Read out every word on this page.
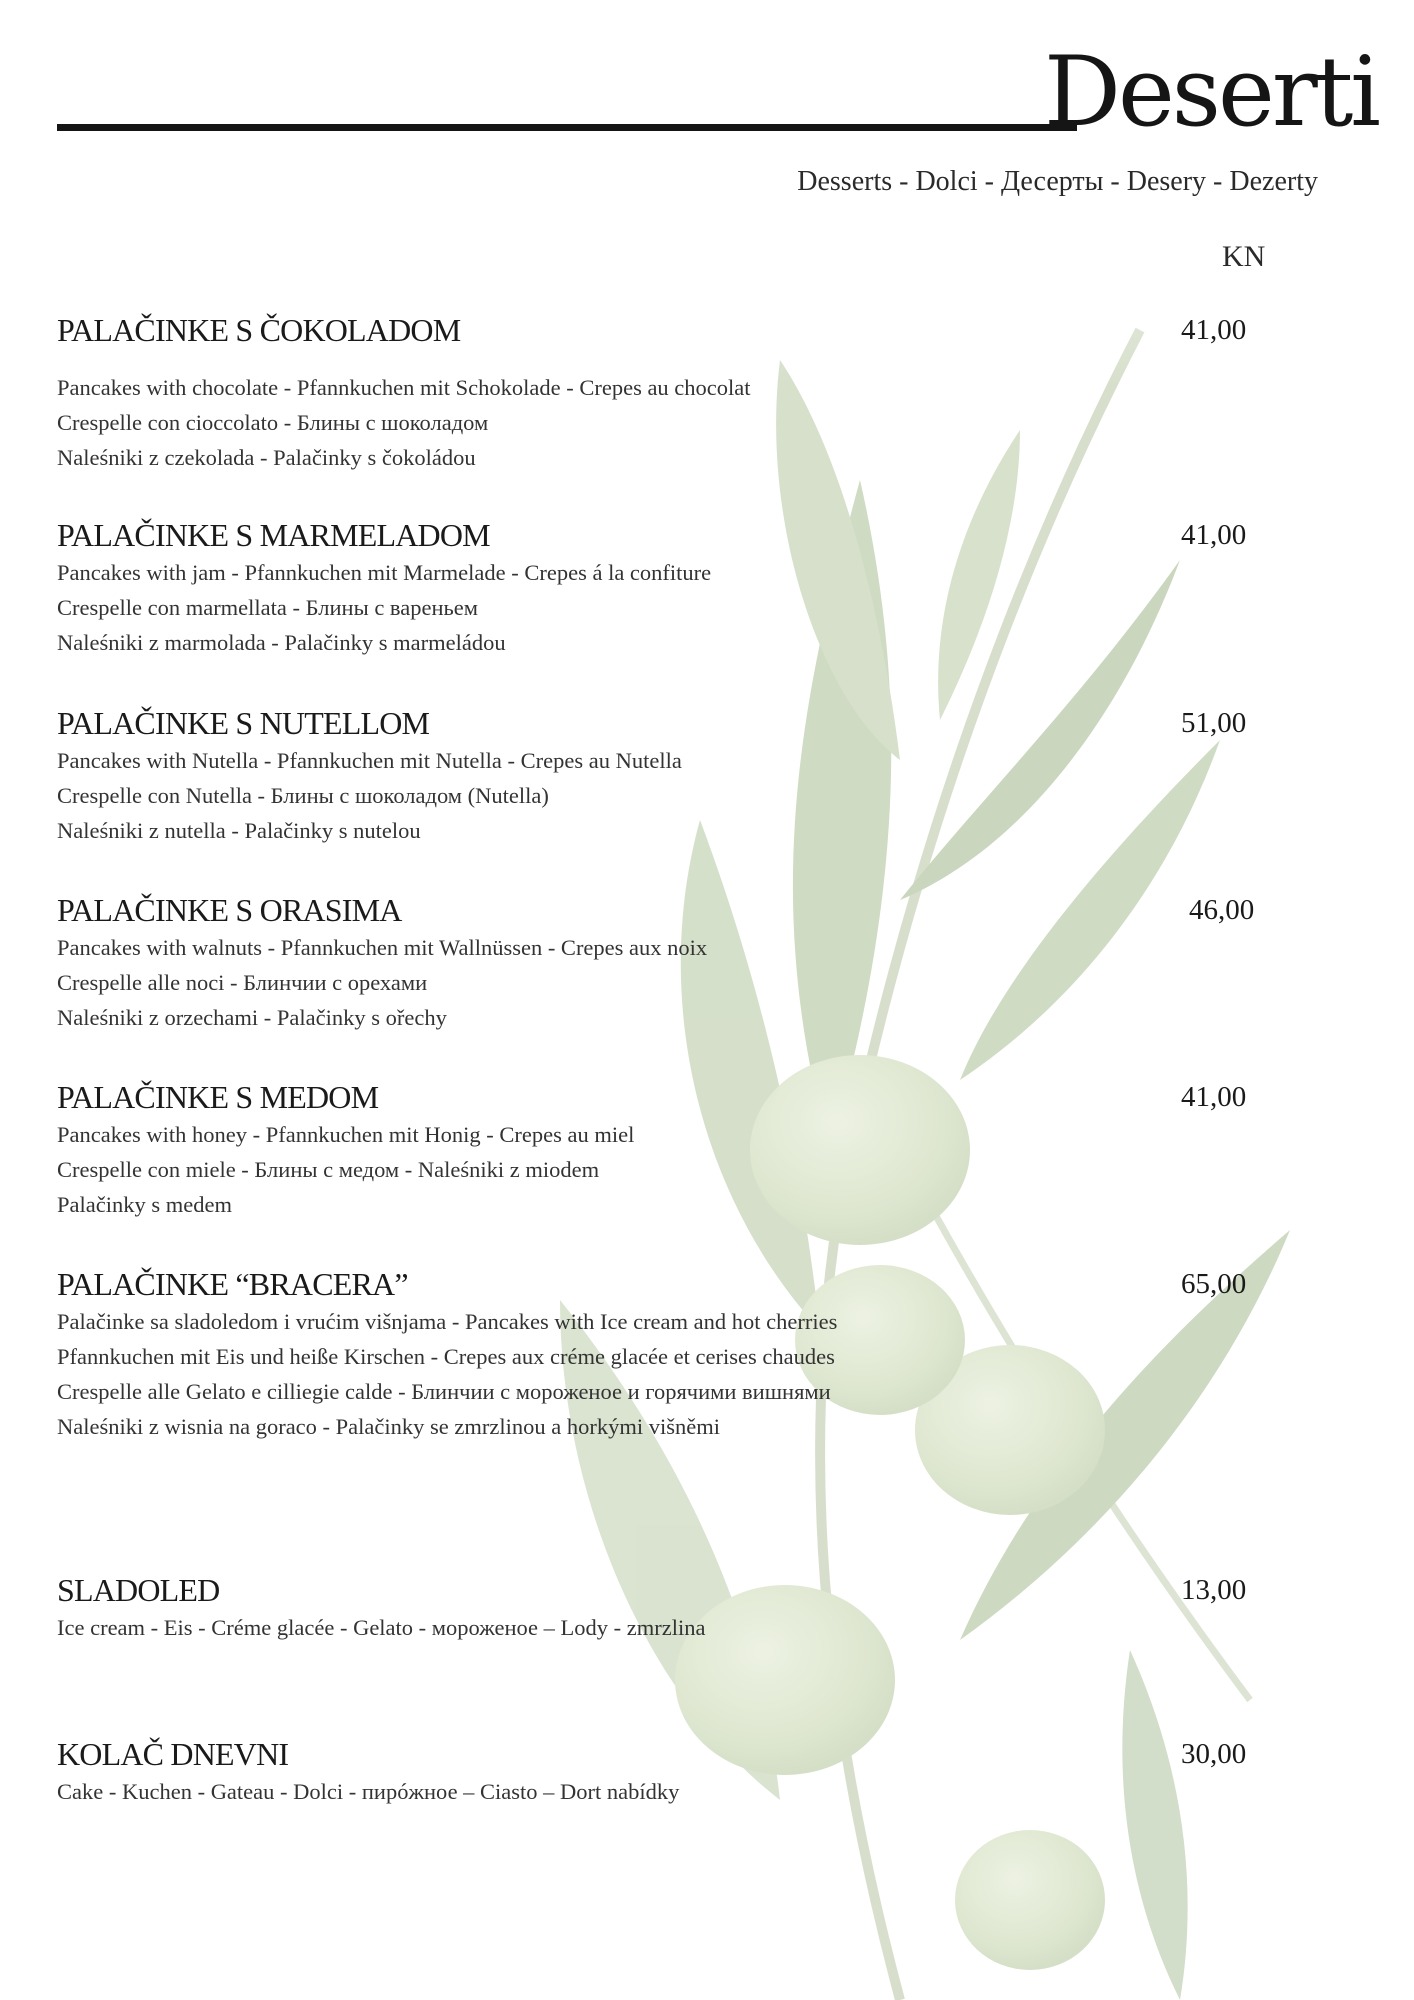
Deserti
Desserts - Dolci - Десерты - Desery - Dezerty
KN
PALAČINKE S ČOKOLADOM	41,00
Pancakes with chocolate - Pfannkuchen mit Schokolade - Crepes au chocolat
Crespelle con cioccolato - Блины с шоколадом
Naleśniki z czekolada - Palačinky s čokoládou
PALAČINKE S MARMELADOM	41,00
Pancakes with jam - Pfannkuchen mit Marmelade - Crepes á la confiture
Crespelle con marmellata - Блины с вареньем
Naleśniki z marmolada - Palačinky s marmeládou
PALAČINKE S NUTELLOM	51,00
Pancakes with Nutella - Pfannkuchen mit Nutella - Crepes au Nutella
Crespelle con Nutella - Блины с шоколадом (Nutella)
Naleśniki z nutella - Palačinky s nutelou
PALAČINKE S ORASIMA	46,00
Pancakes with walnuts - Pfannkuchen mit Wallnüssen - Crepes aux noix
Crespelle alle noci - Блинчии с орехами
Naleśniki z orzechami - Palačinky s ořechy
PALAČINKE S MEDOM	41,00
Pancakes with honey - Pfannkuchen mit Honig - Crepes au miel
Crespelle con miele - Блины с медом - Naleśniki z miodem
Palačinky s medem
PALAČINKE “BRACERA”	65,00
Palačinke sa sladoledom i vrućim višnjama - Pancakes with Ice cream and hot cherries
Pfannkuchen mit Eis und heiße Kirschen - Crepes aux créme glacée et cerises chaudes
Crespelle alle Gelato e cilliegie calde - Блинчии с мороженое и горячими вишнями
Naleśniki z wisnia na goraco - Palačinky se zmrzlinou a horkými višněmi
SLADOLED	13,00
Ice cream - Eis - Créme glacée - Gelato - мороженое – Lody - zmrzlina
KOLAČ DNEVNI	30,00
Cake - Kuchen - Gateau - Dolci - пирóжное – Ciasto – Dort nabídky
